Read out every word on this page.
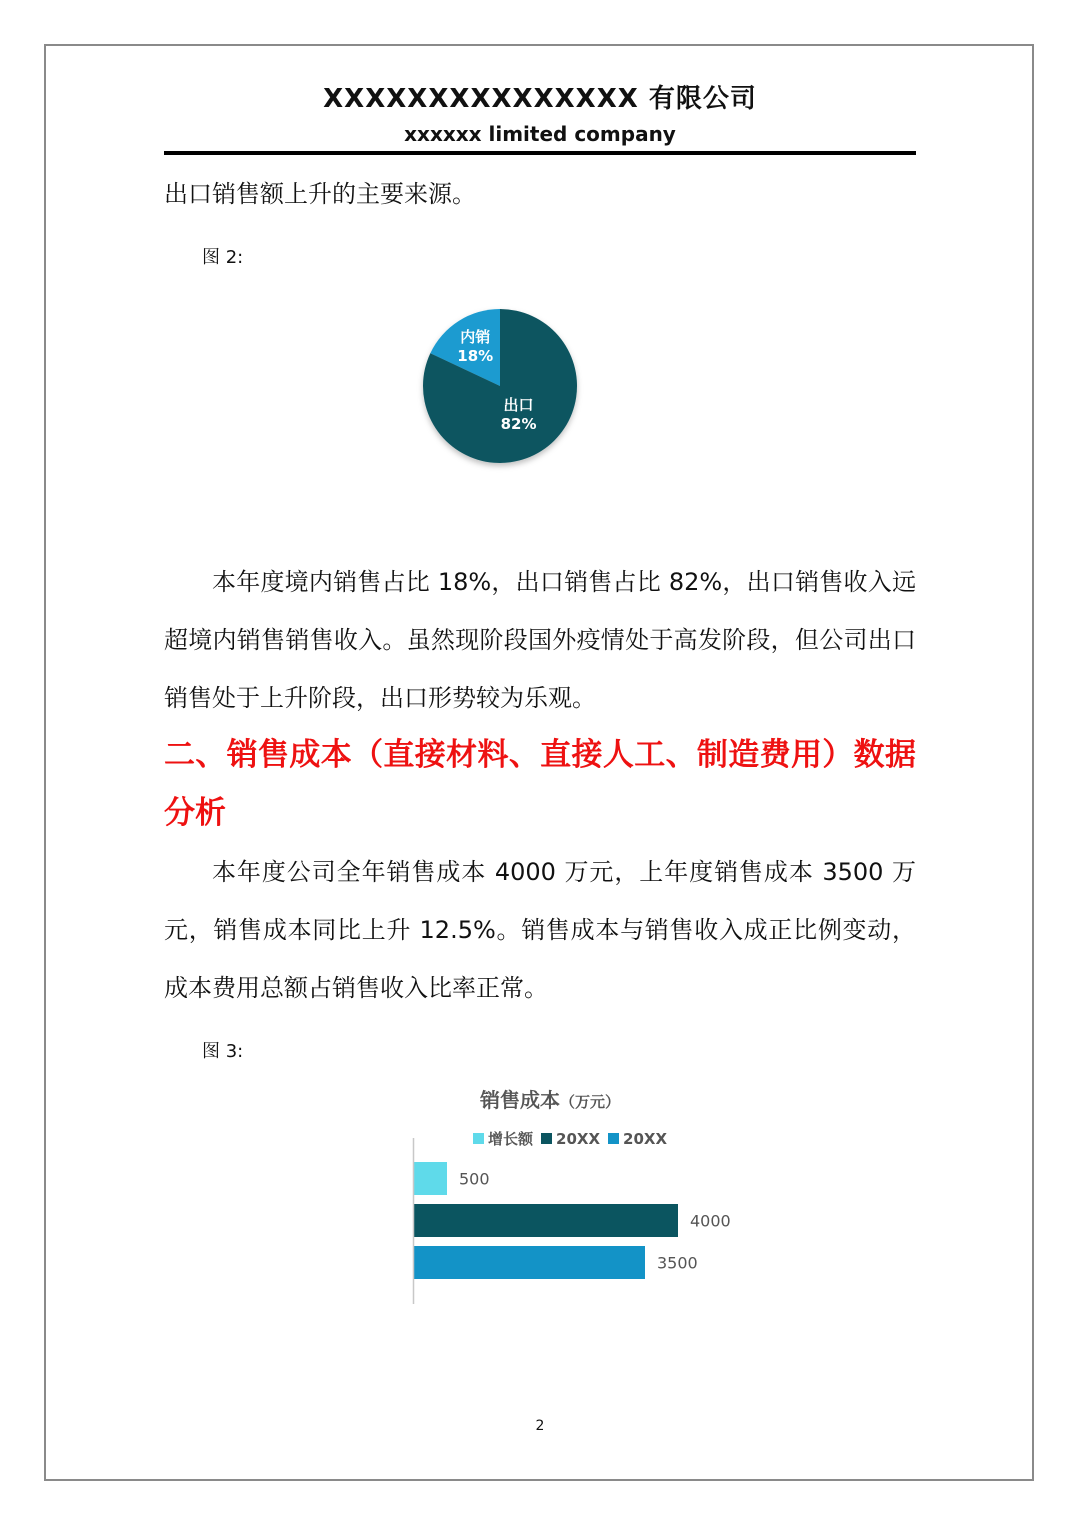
XXXXXXXXXXXXXXX 有限公司
xxxxxx limited company
出口销售额上升的主要来源。
图 2:
内销
18%
出口
82%
本年度境内销售占比 18%，出口销售占比 82%，出口销售收入远超境内销售销售收入。虽然现阶段国外疫情处于高发阶段，但公司出口销售处于上升阶段，出口形势较为乐观。
二、销售成本（直接材料、直接人工、制造费用）数据分析
本年度公司全年销售成本 4000 万元，上年度销售成本 3500 万元，销售成本同比上升 12.5%。销售成本与销售收入成正比例变动，成本费用总额占销售收入比率正常。
图 3:
销售成本（万元）
增长额 20XX 20XX
500
4000
3500
2
